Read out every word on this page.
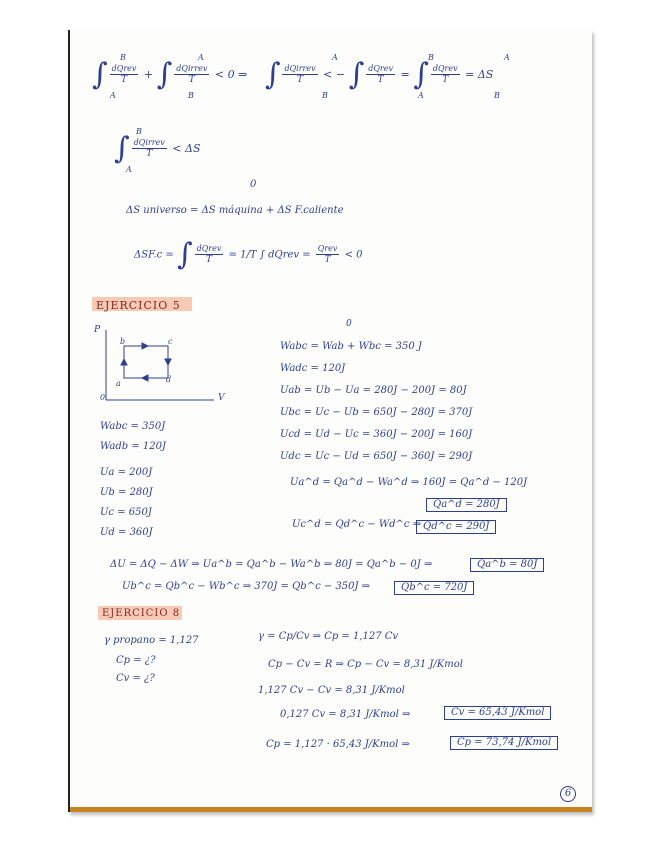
∫ $\frac{\text{dQrev}}{T}$ + ∫ $\frac{\text{dQirrev}}{T} < 0$ ⇒ ∫ $\frac{\text{dQirrev}}{T}$ < − ∫ $\frac{\text{dQrev}}{T}$ = ∫ $\frac{\text{dQrev}}{T} = \Delta S$
B
A
A
B
A
B
B
A
A
B
∫ $\frac{\text{dQirrev}}{T} < \Delta S$
B
A
0
ΔS universo = ΔS máquina + ΔS F.caliente
ΔSF.c = ∫ $\frac{\text{dQrev}}{T} = 1/T$ ∫ dQrev = $\frac{\text{Qrev}}{T} < 0$
EJERCICIO 5
0
P
V
0
b	c
a	d
Wabc = Wab + Wbc = 350 J
Wadc = 120J
Uab = Ub − Ua = 280J − 200J = 80J
Ubc = Uc − Ub = 650J − 280J = 370J
Ucd = Ud − Uc = 360J − 200J = 160J
Udc = Uc − Ud = 650J − 360J = 290J
Wabc = 350J
Wadb = 120J
Ua = 200J
Ub = 280J
Uc = 650J
Ud = 360J
Ua^d = Qa^d − Wa^d ⇒ 160J = Qa^d − 120J
Qa^d = 280J
Uc^d = Qd^c − Wd^c ⇒ Qd^c = 290J
ΔU = ΔQ − ΔW ⇒ Ua^b = Qa^b − Wa^b ⇒ 80J = Qa^b − 0J ⇒	Qa^b = 80J
Ub^c = Qb^c − Wb^c ⇒ 370J = Qb^c − 350J ⇒	Qb^c = 720J
EJERCICIO 8
γ propano = 1,127
Cp = ¿?
Cv = ¿?
γ = Cp/Cv ⇒ Cp = 1,127 Cv
Cp − Cv = R ⇒ Cp − Cv = 8,31 J/Kmol
1,127 Cv − Cv = 8,31 J/Kmol
0,127 Cv = 8,31 J/Kmol ⇒	Cv = 65,43 J/Kmol
Cp = 1,127 · 65,43 J/Kmol ⇒	Cp = 73,74 J/Kmol
6
